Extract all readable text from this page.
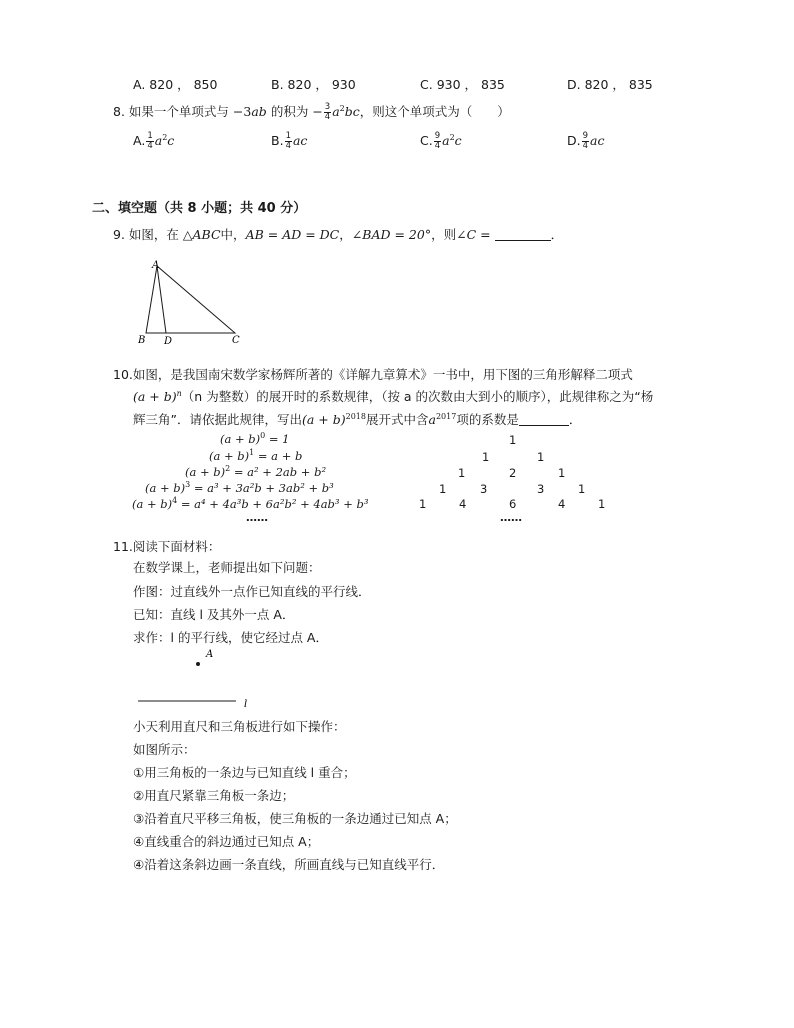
A. 820 ， 850	B. 820 ， 930	C. 930 ， 835	D. 820 ， 835
8. 如果一个单项式与 −3ab 的积为 − $\frac{3}{4} a^2bc$，则这个单项式为（　　）
A. $\frac{1}{4} a^2c$	B. $\frac{1}{4}$ ac	C. $\frac{9}{4} a^2c$	D. $\frac{9}{4}$ ac
二、填空题（共 8 小题；共 40 分）
9. 如图，在 △ABC中，AB = AD = DC，∠BAD = 20°，则∠C =	．
A
B D	C
10.如图，是我国南宋数学家杨辉所著的《详解九章算术》一书中，用下图的三角形解释二项式
$(a + b)^n(n$ 为整数）的展开时的系数规律，（按 a 的次数由大到小的顺序），此规律称之为“杨
辉三角”．请依据此规律，写出$(a + b)^{2018}$展开式中含$a^{2017}$项的系数是	．
$(a + b)^0 = 1$
$(a + b)^1 = a + b$
$(a + b)^2 = a^2 + 2ab + b^2$
$(a + b)^3 = a^3 + 3a^2b + 3ab^2 + b^3$
$(a + b)^4 = a^4 + 4a^3b + 6a^2b^2 + 4ab^3 + b^3$
……
1
1	1
1	2	1
1	3	3	1
1	4	6	4	1
……
11.阅读下面材料：
在数学课上，老师提出如下问题：
作图：过直线外一点作已知直线的平行线．
已知：直线 l 及其外一点 A．
求作：l 的平行线，使它经过点 A．
A
l
小天利用直尺和三角板进行如下操作：
如图所示：
①用三角板的一条边与已知直线 l 重合；
②用直尺紧靠三角板一条边；
③沿着直尺平移三角板，使三角板的一条边通过已知点 A；
④直线重合的斜边通过已知点 A；
④沿着这条斜边画一条直线，所画直线与已知直线平行．
